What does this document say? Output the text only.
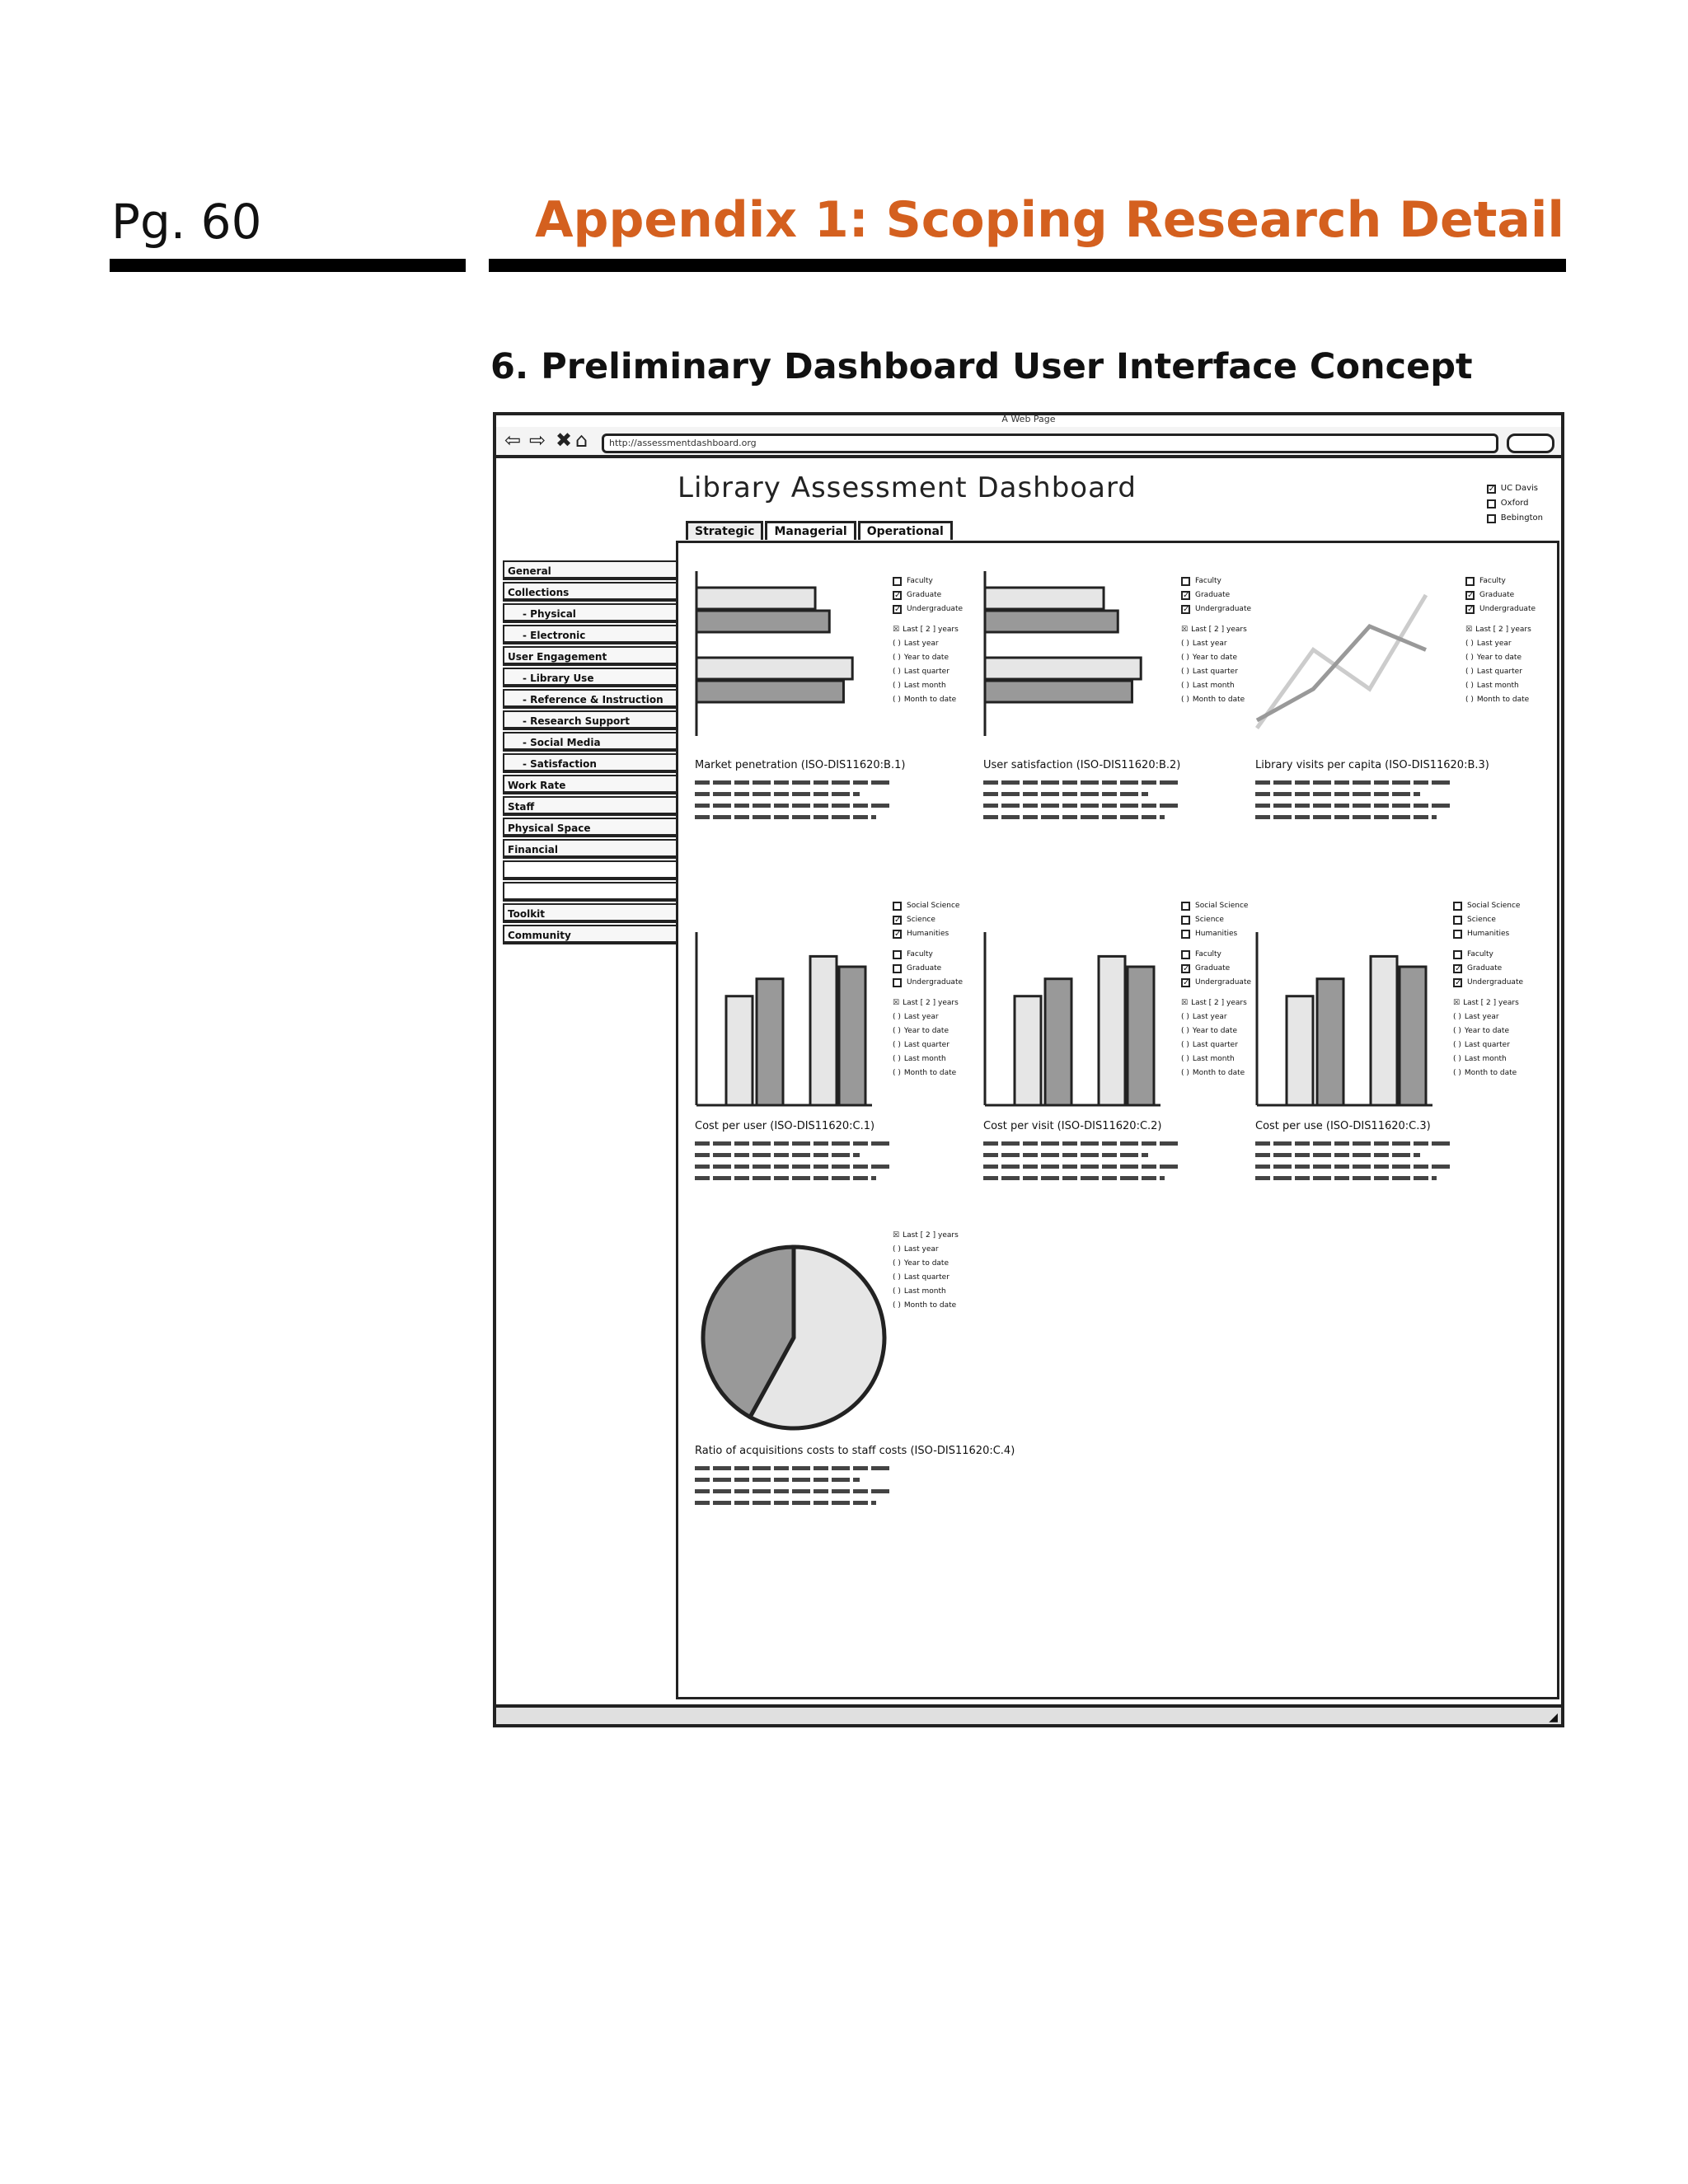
Pg. 60	Appendix 1: Scoping Research Detail
6. Preliminary Dashboard User Interface Concept
A Web Page
⇦ ⇨ ✖ ⌂	http://assessmentdashboard.org
Library Assessment Dashboard	✓ UC Davis
Oxford
Bebington
Strategic	Managerial	Operational
General
Collections
- Physical
- Electronic
User Engagement
- Library Use
- Reference & Instruction
- Research Support
- Social Media
- Satisfaction
Work Rate
Staff
Physical Space
Financial
Toolkit
Community
Market penetration (ISO-DIS11620:B.1)
Faculty
✓ Graduate
✓ Undergraduate
☒ Last [ 2 ] years
( ) Last year
( ) Year to date
( ) Last quarter
( ) Last month
( ) Month to date
User satisfaction (ISO-DIS11620:B.2)
Faculty
✓ Graduate
✓ Undergraduate
☒ Last [ 2 ] years
( ) Last year
( ) Year to date
( ) Last quarter
( ) Last month
( ) Month to date
Library visits per capita (ISO-DIS11620:B.3)
Faculty
✓ Graduate
✓ Undergraduate
☒ Last [ 2 ] years
( ) Last year
( ) Year to date
( ) Last quarter
( ) Last month
( ) Month to date
Cost per user (ISO-DIS11620:C.1)
Social Science
✓ Science
✓ Humanities
Faculty
Graduate
Undergraduate
☒ Last [ 2 ] years
( ) Last year
( ) Year to date
( ) Last quarter
( ) Last month
( ) Month to date
Cost per visit (ISO-DIS11620:C.2)
Social Science
Science
Humanities
Faculty
✓ Graduate
✓ Undergraduate
☒ Last [ 2 ] years
( ) Last year
( ) Year to date
( ) Last quarter
( ) Last month
( ) Month to date
Cost per use (ISO-DIS11620:C.3)
Social Science
Science
Humanities
Faculty
✓ Graduate
✓ Undergraduate
☒ Last [ 2 ] years
( ) Last year
( ) Year to date
( ) Last quarter
( ) Last month
( ) Month to date
Ratio of acquisitions costs to staff costs (ISO-DIS11620:C.4)
☒ Last [ 2 ] years
( ) Last year
( ) Year to date
( ) Last quarter
( ) Last month
( ) Month to date
◢
